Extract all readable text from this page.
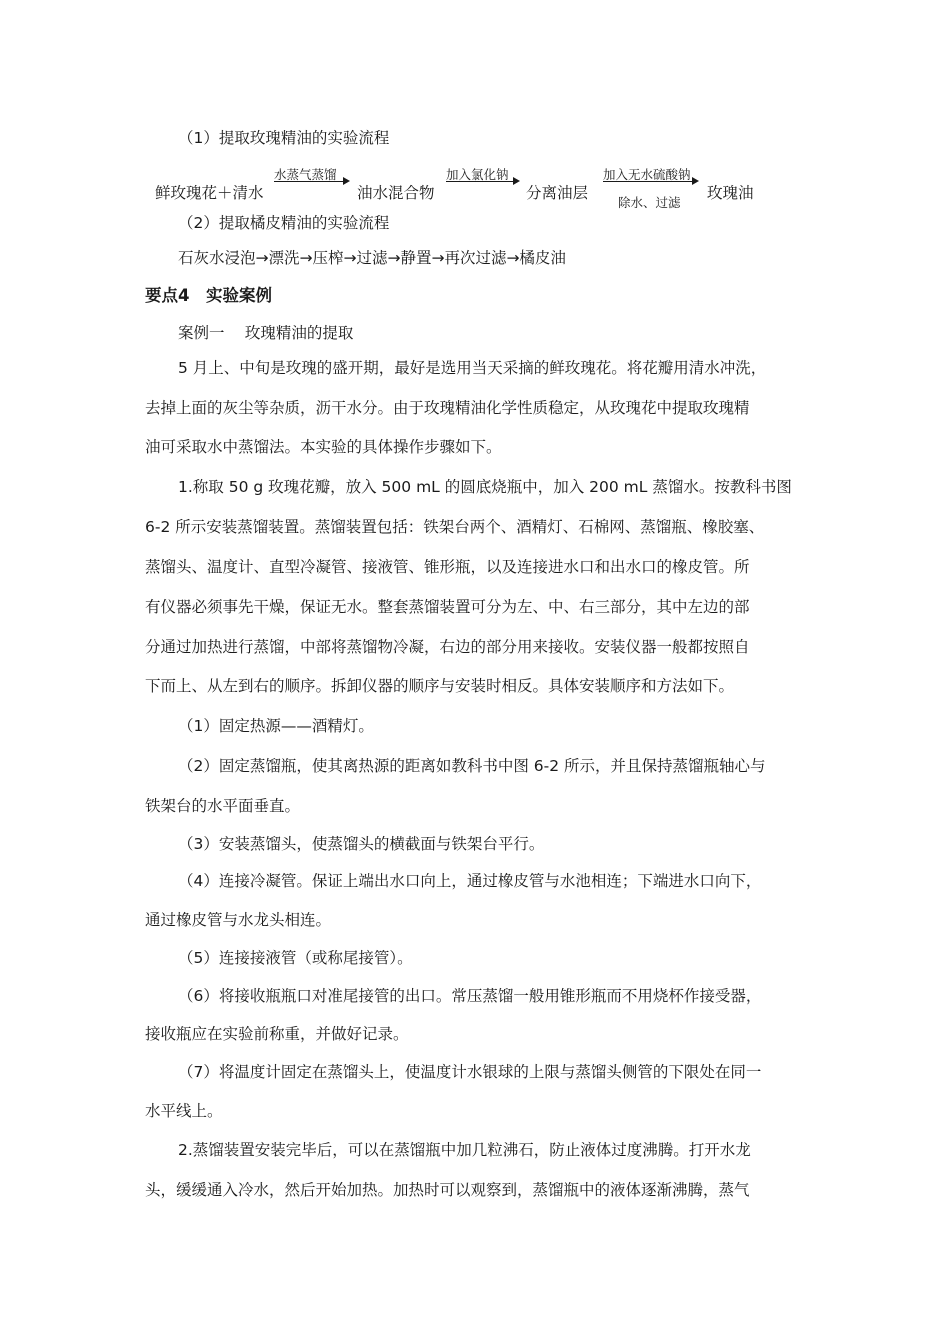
（1）提取玫瑰精油的实验流程
鲜玫瑰花＋清水
水蒸气蒸馏
油水混合物
加入氯化钠
分离油层
加入无水硫酸钠
除水、过滤
玫瑰油
（2）提取橘皮精油的实验流程
石灰水浸泡→漂洗→压榨→过滤→静置→再次过滤→橘皮油
要点4　实验案例
案例一　 玫瑰精油的提取
5 月上、中旬是玫瑰的盛开期，最好是选用当天采摘的鲜玫瑰花。将花瓣用清水冲洗，
去掉上面的灰尘等杂质，沥干水分。由于玫瑰精油化学性质稳定，从玫瑰花中提取玫瑰精
油可采取水中蒸馏法。本实验的具体操作步骤如下。
1.称取 50 g 玫瑰花瓣，放入 500 mL 的圆底烧瓶中，加入 200 mL 蒸馏水。按教科书图
6-2 所示安装蒸馏装置。蒸馏装置包括：铁架台两个、酒精灯、石棉网、蒸馏瓶、橡胶塞、
蒸馏头、温度计、直型冷凝管、接液管、锥形瓶，以及连接进水口和出水口的橡皮管。所
有仪器必须事先干燥，保证无水。整套蒸馏装置可分为左、中、右三部分，其中左边的部
分通过加热进行蒸馏，中部将蒸馏物冷凝，右边的部分用来接收。安装仪器一般都按照自
下而上、从左到右的顺序。拆卸仪器的顺序与安装时相反。具体安装顺序和方法如下。
（1）固定热源——酒精灯。
（2）固定蒸馏瓶，使其离热源的距离如教科书中图 6-2 所示，并且保持蒸馏瓶轴心与
铁架台的水平面垂直。
（3）安装蒸馏头，使蒸馏头的横截面与铁架台平行。
（4）连接冷凝管。保证上端出水口向上，通过橡皮管与水池相连；下端进水口向下，
通过橡皮管与水龙头相连。
（5）连接接液管（或称尾接管）。
（6）将接收瓶瓶口对准尾接管的出口。常压蒸馏一般用锥形瓶而不用烧杯作接受器，
接收瓶应在实验前称重，并做好记录。
（7）将温度计固定在蒸馏头上，使温度计水银球的上限与蒸馏头侧管的下限处在同一
水平线上。
2.蒸馏装置安装完毕后，可以在蒸馏瓶中加几粒沸石，防止液体过度沸腾。打开水龙
头，缓缓通入冷水，然后开始加热。加热时可以观察到，蒸馏瓶中的液体逐渐沸腾，蒸气
